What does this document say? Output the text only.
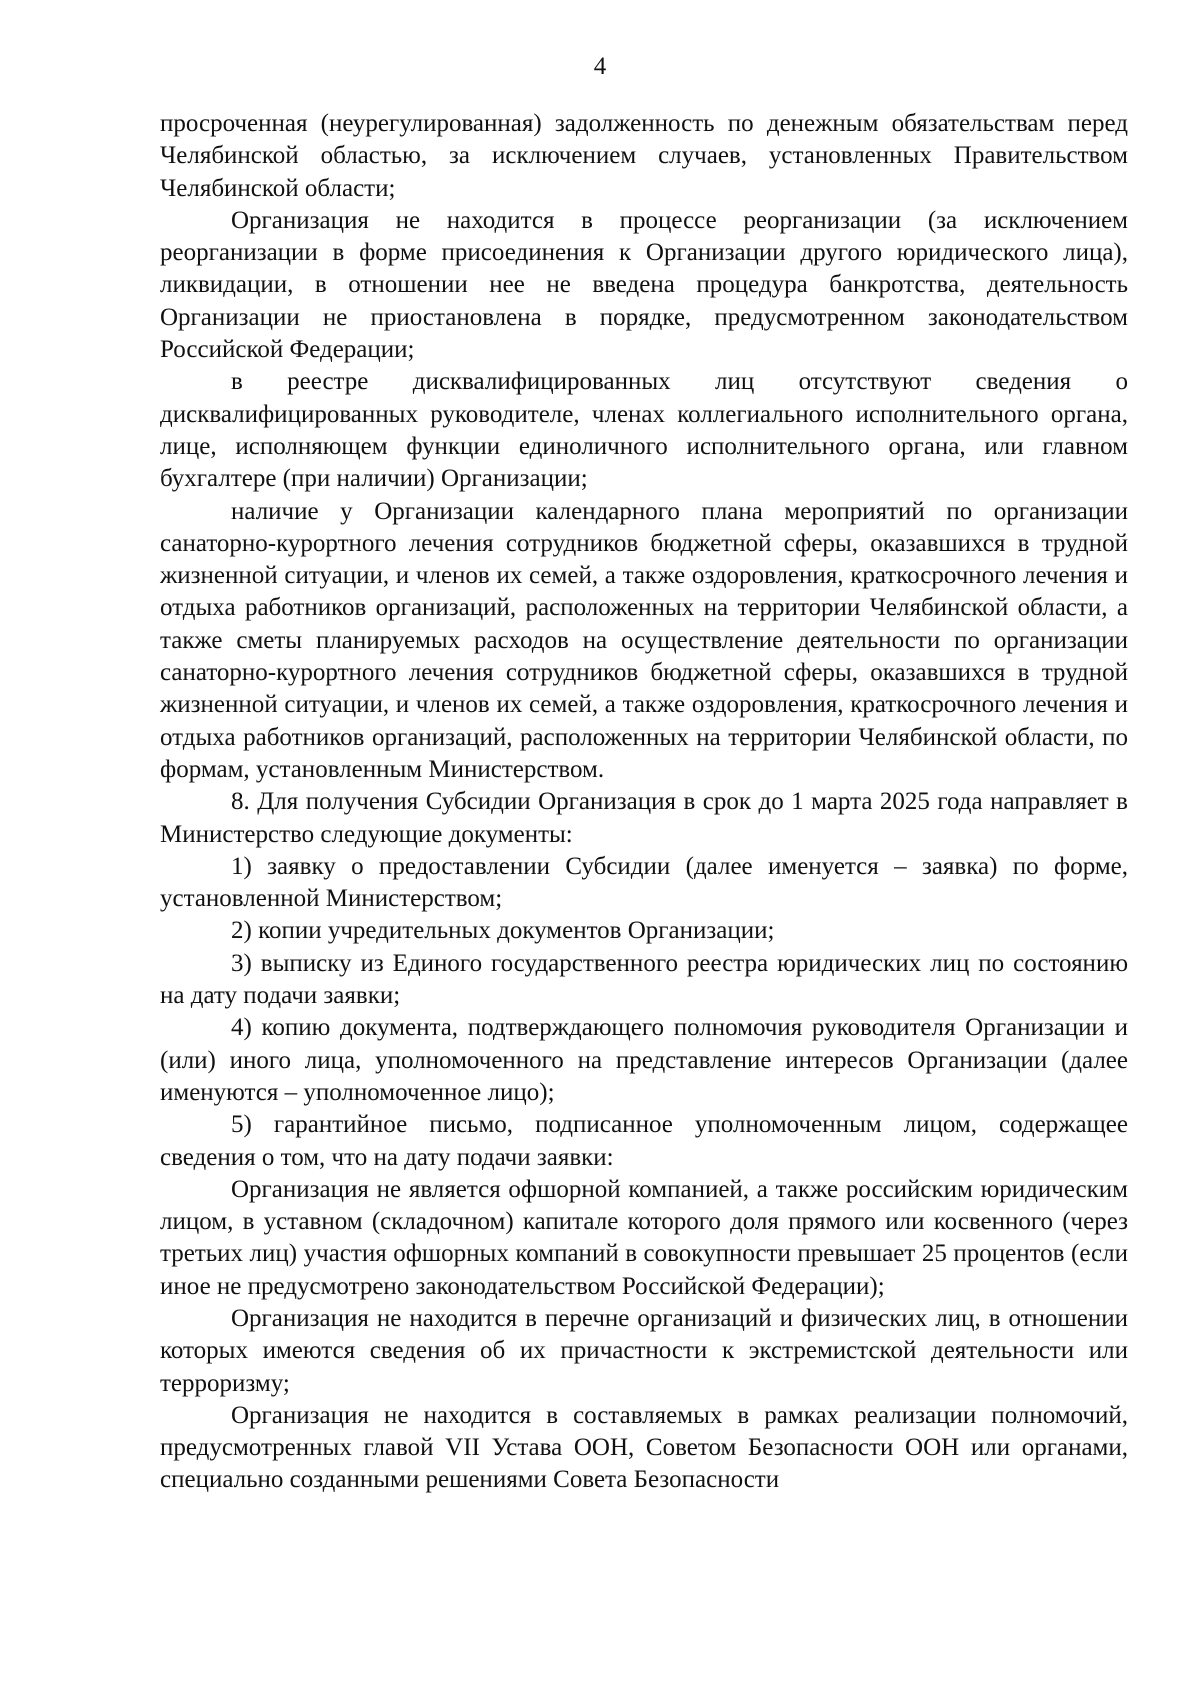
4

просроченная (неурегулированная) задолженность по денежным обязательствам перед Челябинской областью, за исключением случаев, установленных Правительством Челябинской области;

Организация не находится в процессе реорганизации (за исключением реорганизации в форме присоединения к Организации другого юридического лица), ликвидации, в отношении нее не введена процедура банкротства, деятельность Организации не приостановлена в порядке, предусмотренном законодательством Российской Федерации;

в реестре дисквалифицированных лиц отсутствуют сведения о дисквалифицированных руководителе, членах коллегиального исполнительного органа, лице, исполняющем функции единоличного исполнительного органа, или главном бухгалтере (при наличии) Организации;

наличие у Организации календарного плана мероприятий по организации санаторно-курортного лечения сотрудников бюджетной сферы, оказавшихся в трудной жизненной ситуации, и членов их семей, а также оздоровления, краткосрочного лечения и отдыха работников организаций, расположенных на территории Челябинской области, а также сметы планируемых расходов на осуществление деятельности по организации санаторно-курортного лечения сотрудников бюджетной сферы, оказавшихся в трудной жизненной ситуации, и членов их семей, а также оздоровления, краткосрочного лечения и отдыха работников организаций, расположенных на территории Челябинской области, по формам, установленным Министерством.

8. Для получения Субсидии Организация в срок до 1 марта 2025 года направляет в Министерство следующие документы:

1) заявку о предоставлении Субсидии (далее именуется – заявка) по форме, установленной Министерством;

2) копии учредительных документов Организации;

3) выписку из Единого государственного реестра юридических лиц по состоянию на дату подачи заявки;

4) копию документа, подтверждающего полномочия руководителя Организации и (или) иного лица, уполномоченного на представление интересов Организации (далее именуются – уполномоченное лицо);

5) гарантийное письмо, подписанное уполномоченным лицом, содержащее сведения о том, что на дату подачи заявки:

Организация не является офшорной компанией, а также российским юридическим лицом, в уставном (складочном) капитале которого доля прямого или косвенного (через третьих лиц) участия офшорных компаний в совокупности превышает 25 процентов (если иное не предусмотрено законодательством Российской Федерации);

Организация не находится в перечне организаций и физических лиц, в отношении которых имеются сведения об их причастности к экстремистской деятельности или терроризму;

Организация не находится в составляемых в рамках реализации полномочий, предусмотренных главой VII Устава ООН, Советом Безопасности ООН или органами, специально созданными решениями Совета Безопасности
